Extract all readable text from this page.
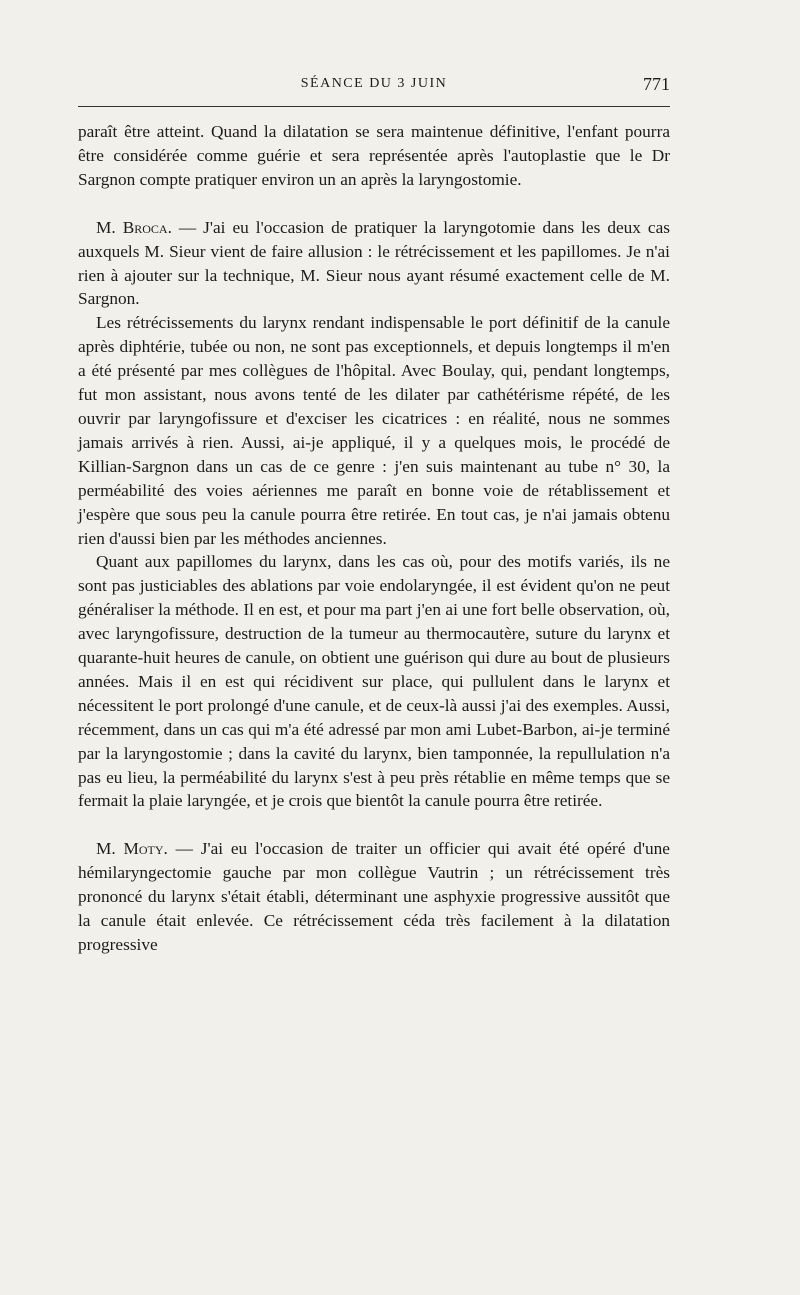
SÉANCE DU 3 JUIN	771

paraît être atteint. Quand la dilatation se sera maintenue définitive, l'enfant pourra être considérée comme guérie et sera représentée après l'autoplastie que le Dr Sargnon compte pratiquer environ un an après la laryngostomie.

M. Broca. — J'ai eu l'occasion de pratiquer la laryngotomie dans les deux cas auxquels M. Sieur vient de faire allusion : le rétrécissement et les papillomes. Je n'ai rien à ajouter sur la technique, M. Sieur nous ayant résumé exactement celle de M. Sargnon.

Les rétrécissements du larynx rendant indispensable le port définitif de la canule après diphtérie, tubée ou non, ne sont pas exceptionnels, et depuis longtemps il m'en a été présenté par mes collègues de l'hôpital. Avec Boulay, qui, pendant longtemps, fut mon assistant, nous avons tenté de les dilater par cathétérisme répété, de les ouvrir par laryngofissure et d'exciser les cicatrices : en réalité, nous ne sommes jamais arrivés à rien. Aussi, ai-je appliqué, il y a quelques mois, le procédé de Killian-Sargnon dans un cas de ce genre : j'en suis maintenant au tube n° 30, la perméabilité des voies aériennes me paraît en bonne voie de rétablissement et j'espère que sous peu la canule pourra être retirée. En tout cas, je n'ai jamais obtenu rien d'aussi bien par les méthodes anciennes.

Quant aux papillomes du larynx, dans les cas où, pour des motifs variés, ils ne sont pas justiciables des ablations par voie endolaryngée, il est évident qu'on ne peut généraliser la méthode. Il en est, et pour ma part j'en ai une fort belle observation, où, avec laryngofissure, destruction de la tumeur au thermocautère, suture du larynx et quarante-huit heures de canule, on obtient une guérison qui dure au bout de plusieurs années. Mais il en est qui récidivent sur place, qui pullulent dans le larynx et nécessitent le port prolongé d'une canule, et de ceux-là aussi j'ai des exemples. Aussi, récemment, dans un cas qui m'a été adressé par mon ami Lubet-Barbon, ai-je terminé par la laryngostomie ; dans la cavité du larynx, bien tamponnée, la repullulation n'a pas eu lieu, la perméabilité du larynx s'est à peu près rétablie en même temps que se fermait la plaie laryngée, et je crois que bientôt la canule pourra être retirée.

M. Moty. — J'ai eu l'occasion de traiter un officier qui avait été opéré d'une hémilaryngectomie gauche par mon collègue Vautrin ; un rétrécissement très prononcé du larynx s'était établi, déterminant une asphyxie progressive aussitôt que la canule était enlevée. Ce rétrécissement céda très facilement à la dilatation progressive
